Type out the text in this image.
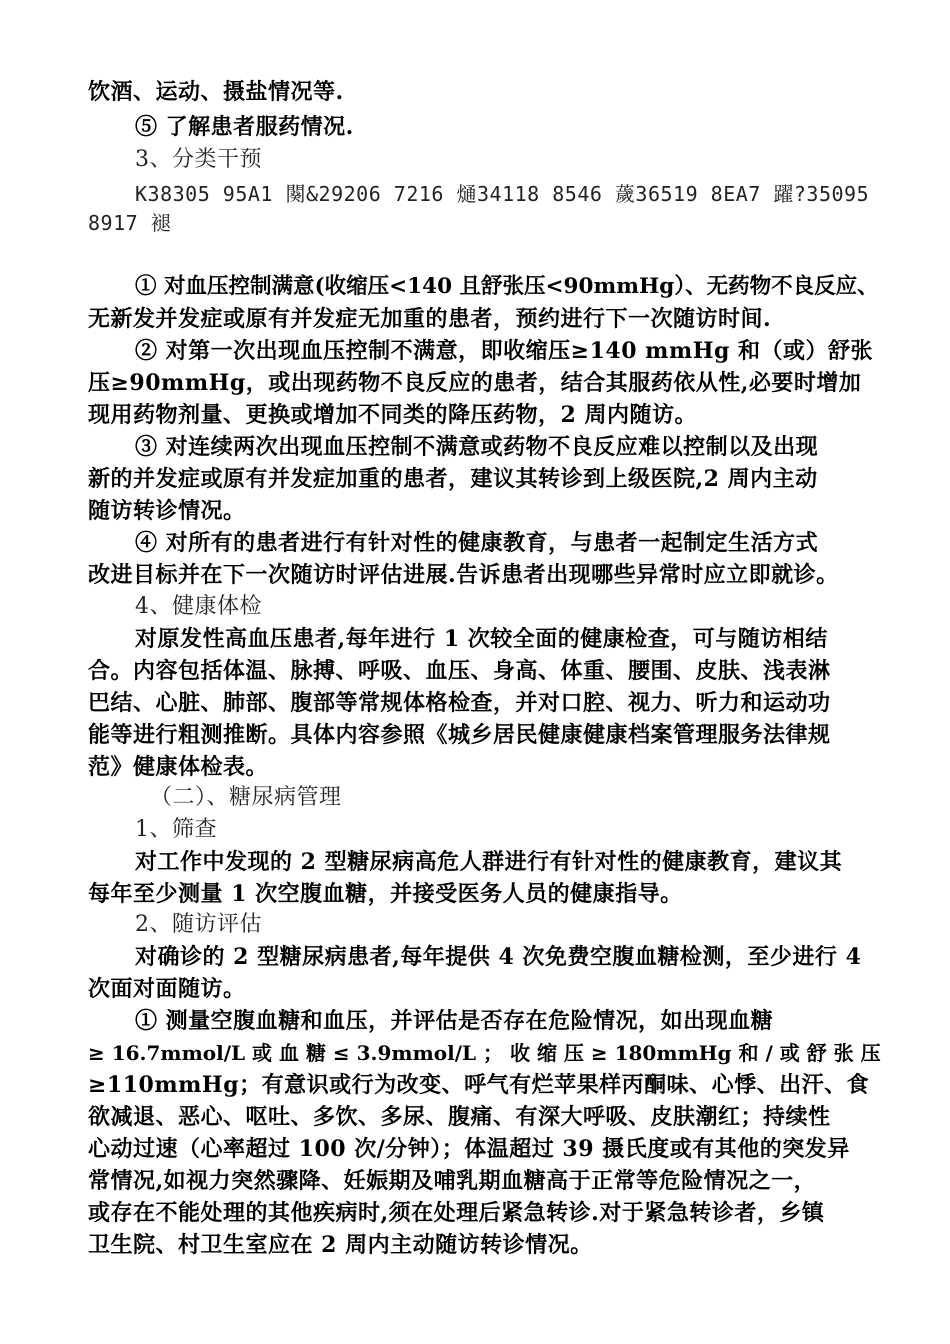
饮酒、运动、摄盐情况等.

⑤ 了解患者服药情况.

3、分类干预

K38305 95A1 闋&29206 7216 熥34118 8546 薉36519 8EA7 躍?35095

8917 褪

① 对血压控制满意(收缩压<140 且舒张压<90mmHg）、无药物不良反应、

无新发并发症或原有并发症无加重的患者，预约进行下一次随访时间.

② 对第一次出现血压控制不满意，即收缩压≥140 mmHg 和（或）舒张

压≥90mmHg，或出现药物不良反应的患者，结合其服药依从性,必要时增加

现用药物剂量、更换或增加不同类的降压药物，2 周内随访。

③ 对连续两次出现血压控制不满意或药物不良反应难以控制以及出现

新的并发症或原有并发症加重的患者，建议其转诊到上级医院,2 周内主动

随访转诊情况。

④ 对所有的患者进行有针对性的健康教育，与患者一起制定生活方式

改进目标并在下一次随访时评估进展.告诉患者出现哪些异常时应立即就诊。

4、健康体检

对原发性高血压患者,每年进行 1 次较全面的健康检查，可与随访相结

合。内容包括体温、脉搏、呼吸、血压、身高、体重、腰围、皮肤、浅表淋

巴结、心脏、肺部、腹部等常规体格检查，并对口腔、视力、听力和运动功

能等进行粗测推断。具体内容参照《城乡居民健康健康档案管理服务法律规

范》健康体检表。

（二）、糖尿病管理

1、筛查

对工作中发现的 2 型糖尿病高危人群进行有针对性的健康教育，建议其

每年至少测量 1 次空腹血糖，并接受医务人员的健康指导。

2、随访评估

对确诊的 2 型糖尿病患者,每年提供 4 次免费空腹血糖检测，至少进行 4

次面对面随访。

① 测量空腹血糖和血压，并评估是否存在危险情况，如出现血糖

≥ 16.7mmol/L 或 血 糖 ≤ 3.9mmol/L ； 收 缩 压 ≥ 180mmHg 和 / 或 舒 张 压

≥110mmHg；有意识或行为改变、呼气有烂苹果样丙酮味、心悸、出汗、食

欲减退、恶心、呕吐、多饮、多尿、腹痛、有深大呼吸、皮肤潮红；持续性

心动过速（心率超过 100 次/分钟）；体温超过 39 摄氏度或有其他的突发异

常情况,如视力突然骤降、妊娠期及哺乳期血糖高于正常等危险情况之一，

或存在不能处理的其他疾病时,须在处理后紧急转诊.对于紧急转诊者，乡镇

卫生院、村卫生室应在 2 周内主动随访转诊情况。
